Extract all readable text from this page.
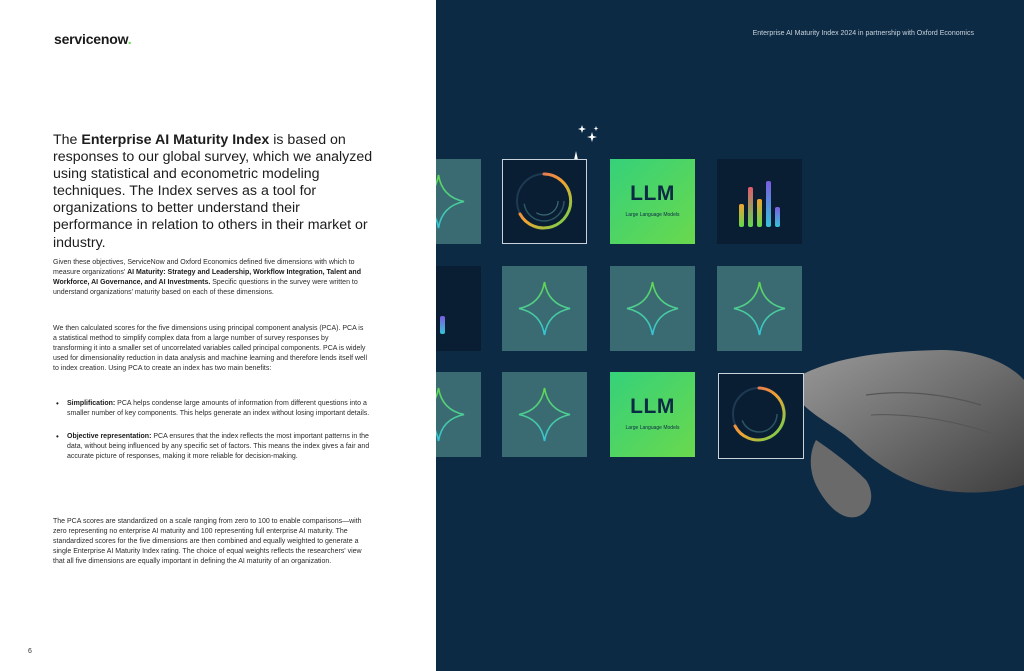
servicenow.

The Enterprise AI Maturity Index is based on responses to our global survey, which we analyzed using statistical and econometric modeling techniques. The Index serves as a tool for organizations to better understand their performance in relation to others in their market or industry.

Given these objectives, ServiceNow and Oxford Economics defined five dimensions with which to measure organizations' AI Maturity: Strategy and Leadership, Workflow Integration, Talent and Workforce, AI Governance, and AI Investments. Specific questions in the survey were written to understand organizations' maturity based on each of these dimensions.

We then calculated scores for the five dimensions using principal component analysis (PCA). PCA is a statistical method to simplify complex data from a large number of survey responses by transforming it into a smaller set of uncorrelated variables called principal components. PCA is widely used for dimensionality reduction in data analysis and machine learning and therefore lends itself well to index creation. Using PCA to create an index has two main benefits:

• Simplification: PCA helps condense large amounts of information from different questions into a smaller number of key components. This helps generate an index without losing important details.
• Objective representation: PCA ensures that the index reflects the most important patterns in the data, without being influenced by any specific set of factors. This means the index gives a fair and accurate picture of responses, making it more reliable for decision-making.

The PCA scores are standardized on a scale ranging from zero to 100 to enable comparisons—with zero representing no enterprise AI maturity and 100 representing full enterprise AI maturity. The standardized scores for the five dimensions are then combined and equally weighted to generate a single Enterprise AI Maturity Index rating. The choice of equal weights reflects the researchers' view that all five dimensions are equally important in defining the AI maturity of an organization.

6
Enterprise AI Maturity Index 2024 in partnership with Oxford Economics
LLM
Large Language Models
LLM
Large Language Models
